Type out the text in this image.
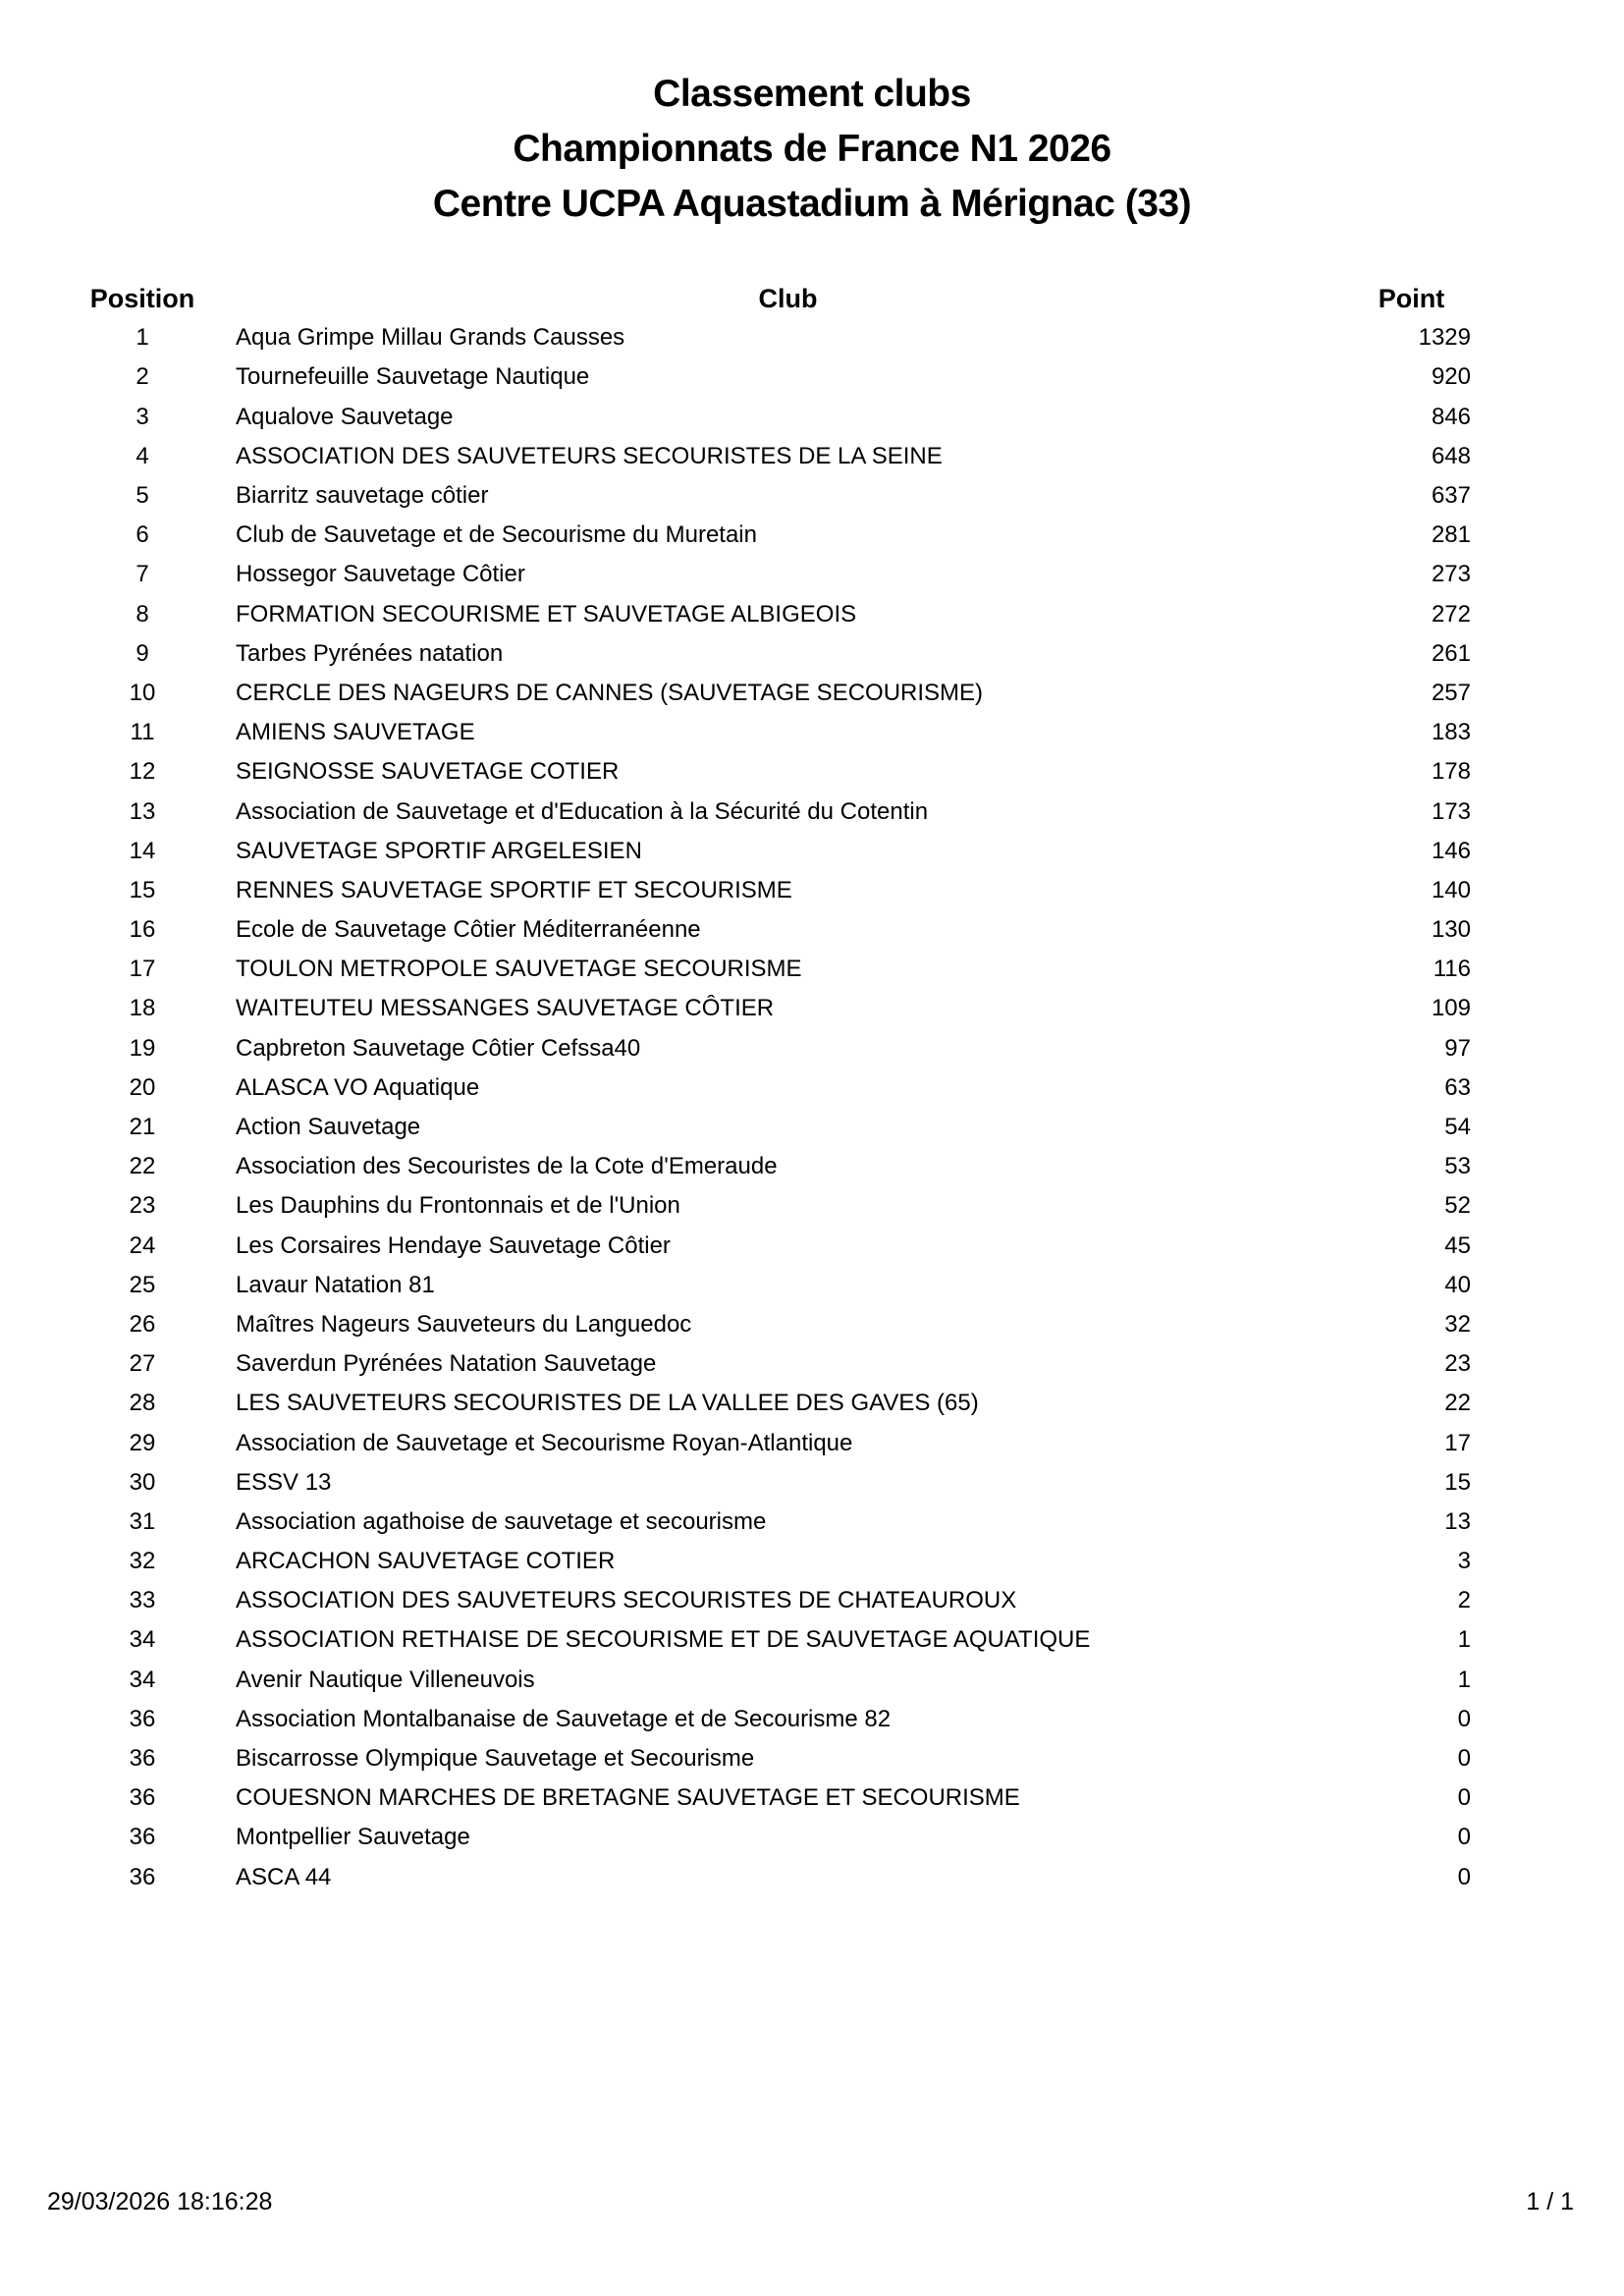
Classement clubs
Championnats de France N1 2026
Centre UCPA Aquastadium à Mérignac (33)
Position	Club	Point
1	Aqua Grimpe Millau Grands Causses	1329
2	Tournefeuille Sauvetage Nautique	920
3	Aqualove Sauvetage	846
4	ASSOCIATION DES SAUVETEURS SECOURISTES DE LA SEINE	648
5	Biarritz sauvetage côtier	637
6	Club de Sauvetage et de Secourisme du Muretain	281
7	Hossegor Sauvetage Côtier	273
8	FORMATION SECOURISME ET SAUVETAGE ALBIGEOIS	272
9	Tarbes Pyrénées natation	261
10	CERCLE DES NAGEURS DE CANNES (SAUVETAGE SECOURISME)	257
11	AMIENS SAUVETAGE	183
12	SEIGNOSSE SAUVETAGE COTIER	178
13	Association de Sauvetage et d'Education à la Sécurité du Cotentin	173
14	SAUVETAGE SPORTIF ARGELESIEN	146
15	RENNES SAUVETAGE SPORTIF ET SECOURISME	140
16	Ecole de Sauvetage Côtier Méditerranéenne	130
17	TOULON METROPOLE SAUVETAGE SECOURISME	116
18	WAITEUTEU MESSANGES SAUVETAGE CÔTIER	109
19	Capbreton Sauvetage Côtier Cefssa40	97
20	ALASCA VO Aquatique	63
21	Action Sauvetage	54
22	Association des Secouristes de la Cote d'Emeraude	53
23	Les Dauphins du Frontonnais et de l'Union	52
24	Les Corsaires Hendaye Sauvetage Côtier	45
25	Lavaur Natation 81	40
26	Maîtres Nageurs Sauveteurs du Languedoc	32
27	Saverdun Pyrénées Natation Sauvetage	23
28	LES SAUVETEURS SECOURISTES DE LA VALLEE DES GAVES (65)	22
29	Association de Sauvetage et Secourisme Royan-Atlantique	17
30	ESSV 13	15
31	Association agathoise de sauvetage et secourisme	13
32	ARCACHON SAUVETAGE COTIER	3
33	ASSOCIATION DES SAUVETEURS SECOURISTES DE CHATEAUROUX	2
34	ASSOCIATION RETHAISE DE SECOURISME ET DE SAUVETAGE AQUATIQUE	1
34	Avenir Nautique Villeneuvois	1
36	Association Montalbanaise de Sauvetage et de Secourisme 82	0
36	Biscarrosse Olympique Sauvetage et Secourisme	0
36	COUESNON MARCHES DE BRETAGNE SAUVETAGE ET SECOURISME	0
36	Montpellier Sauvetage	0
36	ASCA 44	0
29/03/2026 18:16:28	1 / 1
